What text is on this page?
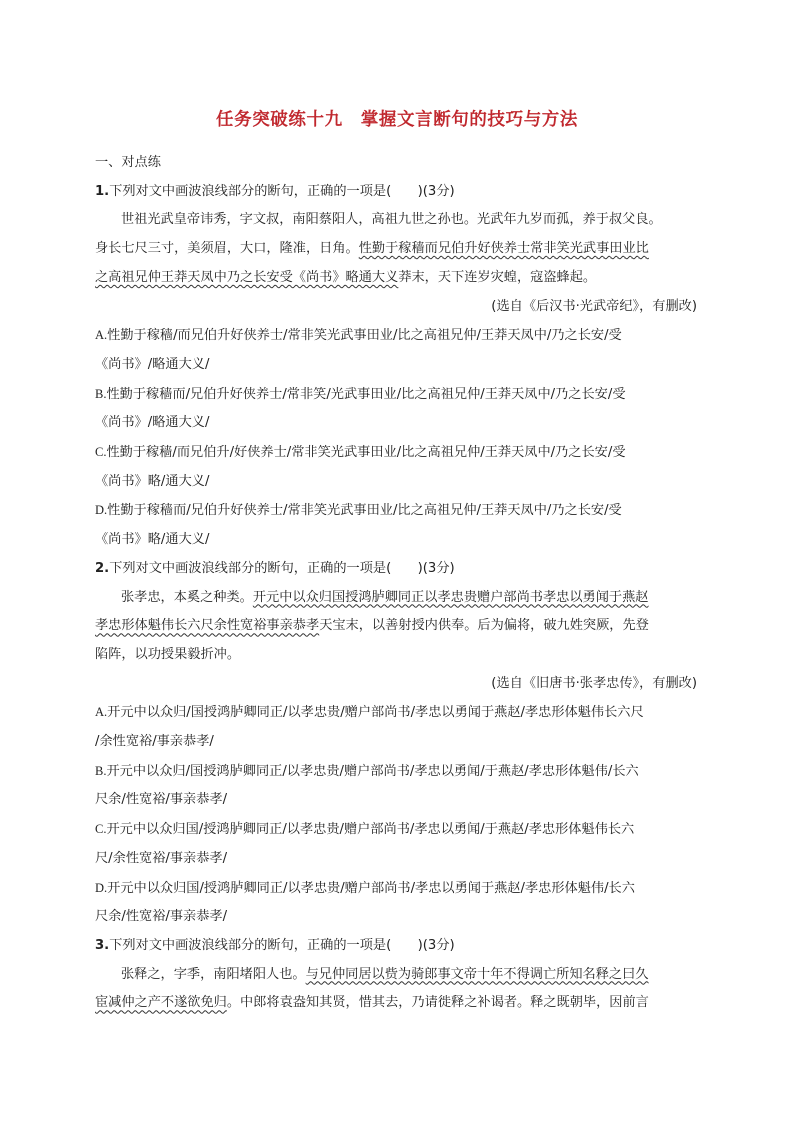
任务突破练十九　掌握文言断句的技巧与方法
一、对点练
1.下列对文中画波浪线部分的断句，正确的一项是(　　)(3分)
世祖光武皇帝讳秀，字文叔，南阳蔡阳人，高祖九世之孙也。光武年九岁而孤，养于叔父良。
身长七尺三寸，美须眉，大口，隆准，日角。性勤于稼穑而兄伯升好侠养士常非笑光武事田业比
之高祖兄仲王莽天凤中乃之长安受《尚书》略通大义莽末，天下连岁灾蝗，寇盗蜂起。
(选自《后汉书·光武帝纪》，有删改)
A.性勤于稼穑/而兄伯升好侠养士/常非笑光武事田业/比之高祖兄仲/王莽天凤中/乃之长安/受
《尚书》/略通大义/
B.性勤于稼穑而/兄伯升好侠养士/常非笑/光武事田业/比之高祖兄仲/王莽天凤中/乃之长安/受
《尚书》/略通大义/
C.性勤于稼穑/而兄伯升/好侠养士/常非笑光武事田业/比之高祖兄仲/王莽天凤中/乃之长安/受
《尚书》略/通大义/
D.性勤于稼穑而/兄伯升好侠养士/常非笑光武事田业/比之高祖兄仲/王莽天凤中/乃之长安/受
《尚书》略/通大义/
2.下列对文中画波浪线部分的断句，正确的一项是(　　)(3分)
张孝忠，本奚之种类。开元中以众归国授鸿胪卿同正以孝忠贵赠户部尚书孝忠以勇闻于燕赵
孝忠形体魁伟长六尺余性宽裕事亲恭孝天宝末，以善射授内供奉。后为偏将，破九姓突厥，先登
陷阵，以功授果毅折冲。
(选自《旧唐书·张孝忠传》，有删改)
A.开元中以众归/国授鸿胪卿同正/以孝忠贵/赠户部尚书/孝忠以勇闻于燕赵/孝忠形体魁伟长六尺
/余性宽裕/事亲恭孝/
B.开元中以众归/国授鸿胪卿同正/以孝忠贵/赠户部尚书/孝忠以勇闻/于燕赵/孝忠形体魁伟/长六
尺余/性宽裕/事亲恭孝/
C.开元中以众归国/授鸿胪卿同正/以孝忠贵/赠户部尚书/孝忠以勇闻/于燕赵/孝忠形体魁伟长六
尺/余性宽裕/事亲恭孝/
D.开元中以众归国/授鸿胪卿同正/以孝忠贵/赠户部尚书/孝忠以勇闻于燕赵/孝忠形体魁伟/长六
尺余/性宽裕/事亲恭孝/
3.下列对文中画波浪线部分的断句，正确的一项是(　　)(3分)
张释之，字季，南阳堵阳人也。与兄仲同居以赀为骑郎事文帝十年不得调亡所知名释之曰久
宦减仲之产不遂欲免归。中郎将袁盎知其贤，惜其去，乃请徙释之补谒者。释之既朝毕，因前言
